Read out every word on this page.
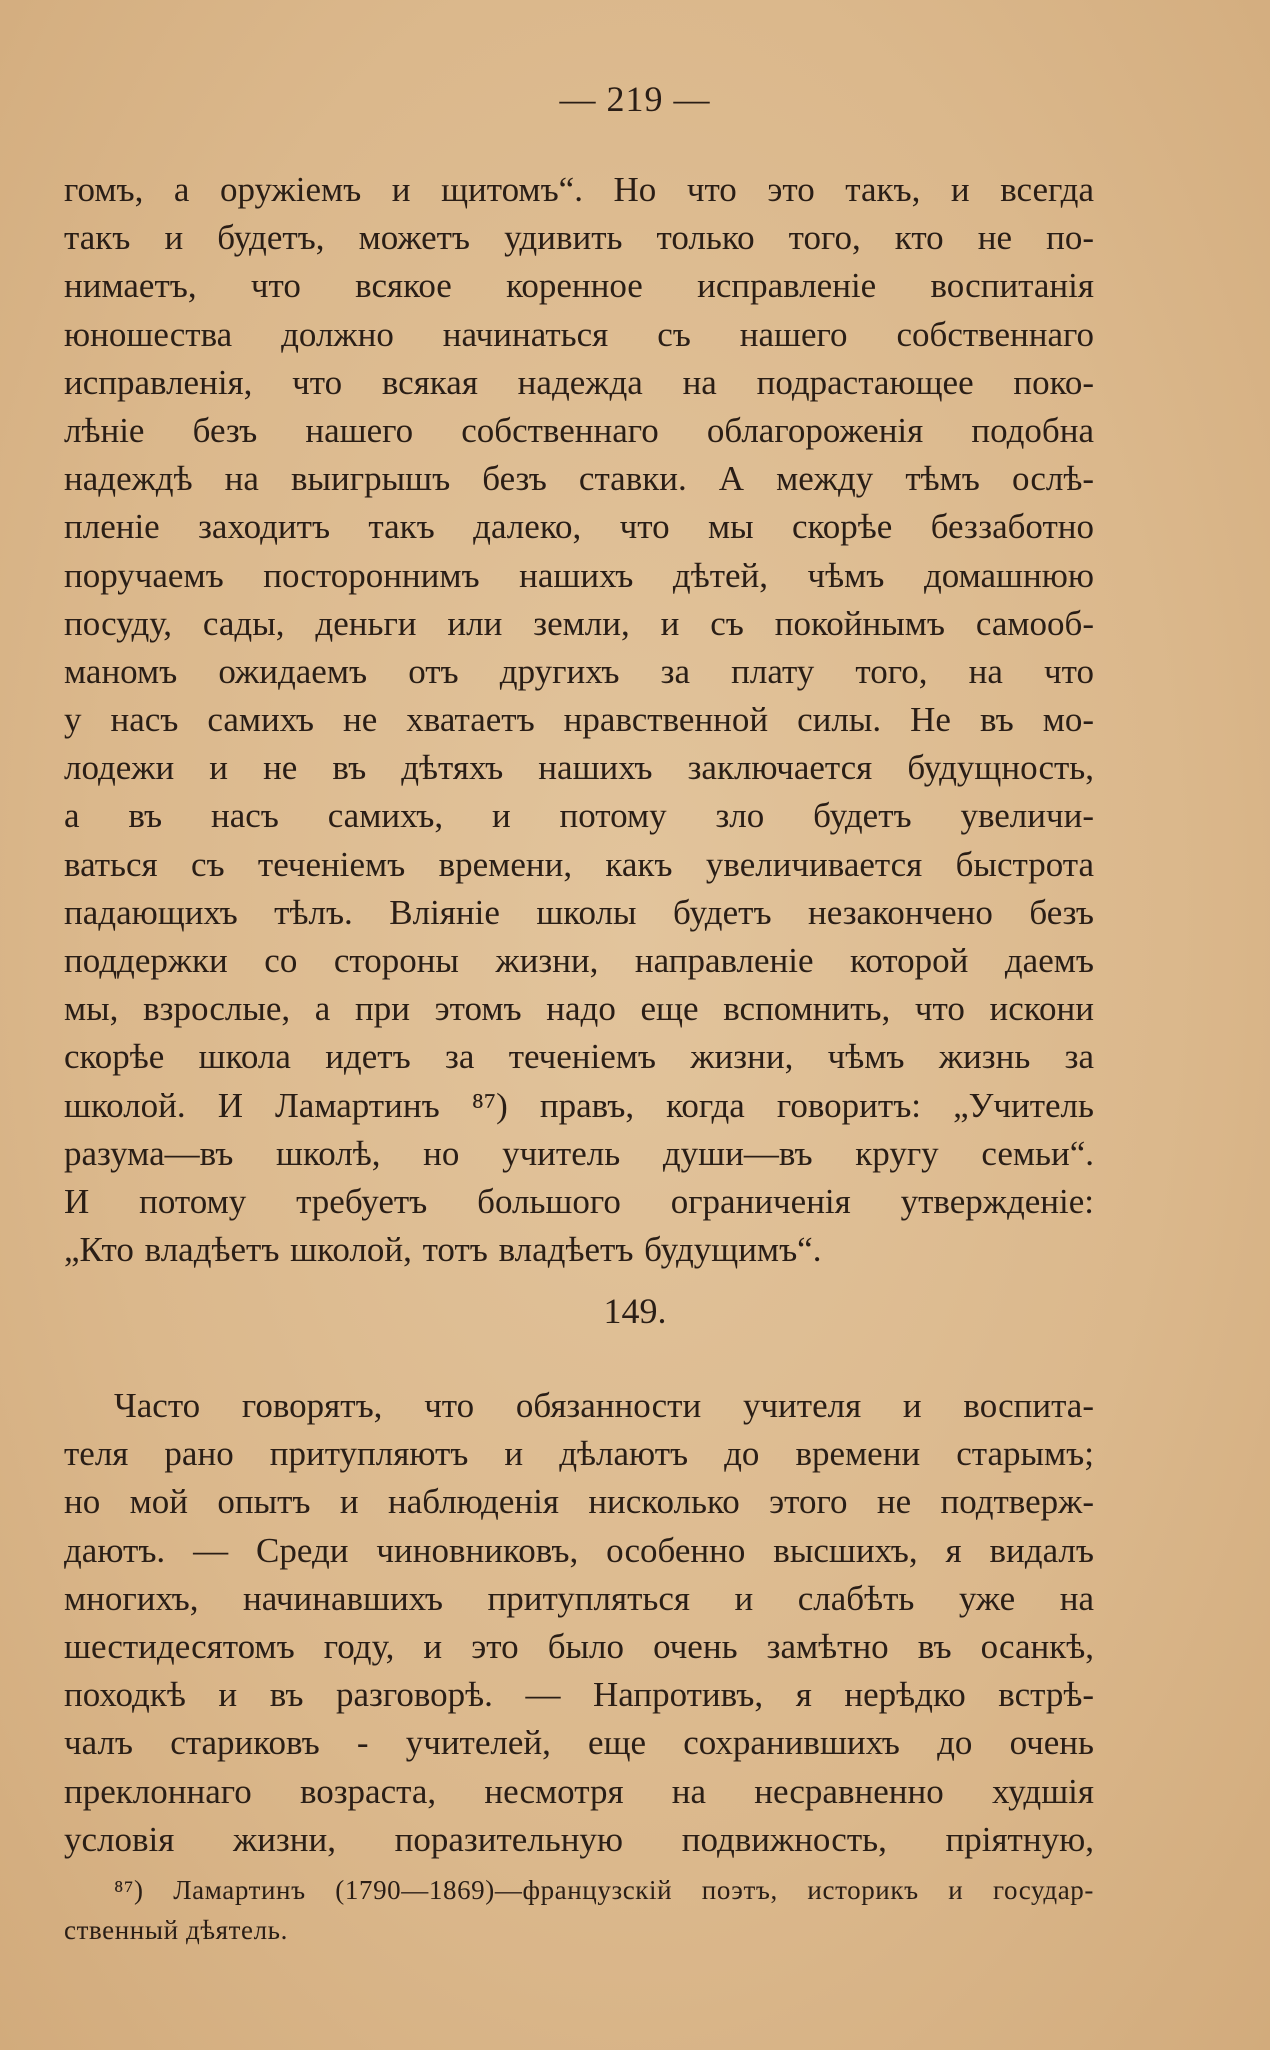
— 219 —
гомъ, а оружіемъ и щитомъ“. Но что это такъ, и всегда
такъ и будетъ, можетъ удивить только того, кто не по-
нимаетъ, что всякое коренное исправленіе воспитанія
юношества должно начинаться съ нашего собственнаго
исправленія, что всякая надежда на подрастающее поко-
лѣніе безъ нашего собственнаго облагороженія подобна
надеждѣ на выигрышъ безъ ставки. А между тѣмъ ослѣ-
пленіе заходитъ такъ далеко, что мы скорѣе беззаботно
поручаемъ постороннимъ нашихъ дѣтей, чѣмъ домашнюю
посуду, сады, деньги или земли, и съ покойнымъ самооб-
маномъ ожидаемъ отъ другихъ за плату того, на что
у насъ самихъ не хватаетъ нравственной силы. Не въ мо-
лодежи и не въ дѣтяхъ нашихъ заключается будущность,
а въ насъ самихъ, и потому зло будетъ увеличи-
ваться съ теченіемъ времени, какъ увеличивается быстрота
падающихъ тѣлъ. Вліяніе школы будетъ незакончено безъ
поддержки со стороны жизни, направленіе которой даемъ
мы, взрослые, а при этомъ надо еще вспомнить, что искони
скорѣе школа идетъ за теченіемъ жизни, чѣмъ жизнь за
школой. И Ламартинъ ⁸⁷) правъ, когда говоритъ: „Учитель
разума—въ школѣ, но учитель души—въ кругу семьи“.
И потому требуетъ большого ограниченія утвержденіе:
„Кто владѣетъ школой, тотъ владѣетъ будущимъ“.
149.
Часто говорятъ, что обязанности учителя и воспита-
теля рано притупляютъ и дѣлаютъ до времени старымъ;
но мой опытъ и наблюденія нисколько этого не подтверж-
даютъ. — Среди чиновниковъ, особенно высшихъ, я видалъ
многихъ, начинавшихъ притупляться и слабѣть уже на
шестидесятомъ году, и это было очень замѣтно въ осанкѣ,
походкѣ и въ разговорѣ. — Напротивъ, я нерѣдко встрѣ-
чалъ стариковъ - учителей, еще сохранившихъ до очень
преклоннаго возраста, несмотря на несравненно худшія
условія жизни, поразительную подвижность, пріятную,
⁸⁷) Ламартинъ (1790—1869)—французскій поэтъ, историкъ и государ-
ственный дѣятель.
